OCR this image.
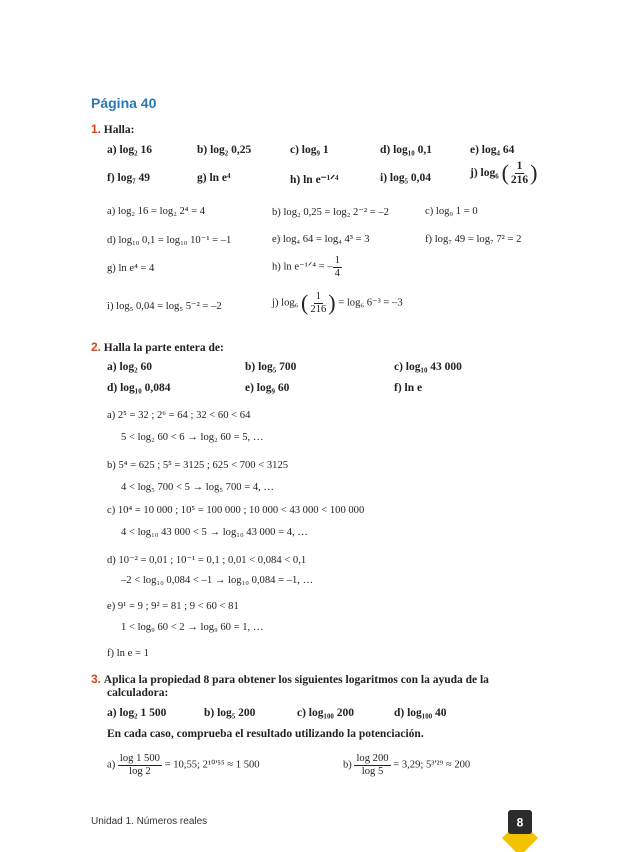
Página 40
1. Halla:
a) log₂ 16	b) log₂ 0,25	c) log₉ 1	d) log₁₀ 0,1	e) log₄ 64
f) log₇ 49	g) ln e⁴	h) ln e⁻¹ᐟ⁴	i) log₅ 0,04	j) log₆ ( $\frac{1}{216}$ )
a) log₂ 16 = log₂ 2⁴ = 4	b) log₂ 0,25 = log₂ 2⁻² = –2	c) log₉ 1 = 0
d) log₁₀ 0,1 = log₁₀ 10⁻¹ = –1	e) log₄ 64 = log₄ 4³ = 3	f) log₇ 49 = log₇ 7² = 2
g) ln e⁴ = 4	h) ln e⁻¹ᐟ⁴ = – $\frac{1}{4}$
i) log₅ 0,04 = log₅ 5⁻² = –2	j) log₆ ( $\frac{1}{216}$ ) = log₆ 6⁻³ = –3
2. Halla la parte entera de:
a) log₂ 60	b) log₅ 700	c) log₁₀ 43 000
d) log₁₀ 0,084	e) log₉ 60	f) ln e
a) 2⁵ = 32 ; 2⁶ = 64 ; 32 < 60 < 64
5 < log₂ 60 < 6 → log₂ 60 = 5, …
b) 5⁴ = 625 ; 5⁵ = 3125 ; 625 < 700 < 3125
4 < log₅ 700 < 5 → log₅ 700 = 4, …
c) 10⁴ = 10 000 ; 10⁵ = 100 000 ; 10 000 < 43 000 < 100 000
4 < log₁₀ 43 000 < 5 → log₁₀ 43 000 = 4, …
d) 10⁻² = 0,01 ; 10⁻¹ = 0,1 ; 0,01 < 0,084 < 0,1
–2 < log₁₀ 0,084 < –1 → log₁₀ 0,084 = –1, …
e) 9¹ = 9 ; 9² = 81 ; 9 < 60 < 81
1 < log₉ 60 < 2 → log₉ 60 = 1, …
f) ln e = 1
3. Aplica la propiedad 8 para obtener los siguientes logaritmos con la ayuda de la
calculadora:
a) log₂ 1 500	b) log₅ 200	c) log₁₀₀ 200	d) log₁₀₀ 40
En cada caso, comprueba el resultado utilizando la potenciación.
$a) \frac{\log 1 500}{\log 2} = 10,55$; 2¹⁰'⁵⁵ ≈ 1 500	$b) \frac{\log 200}{\log 5} = 3,29$; 5³'²⁹ ≈ 200
Unidad 1. Números reales	8
